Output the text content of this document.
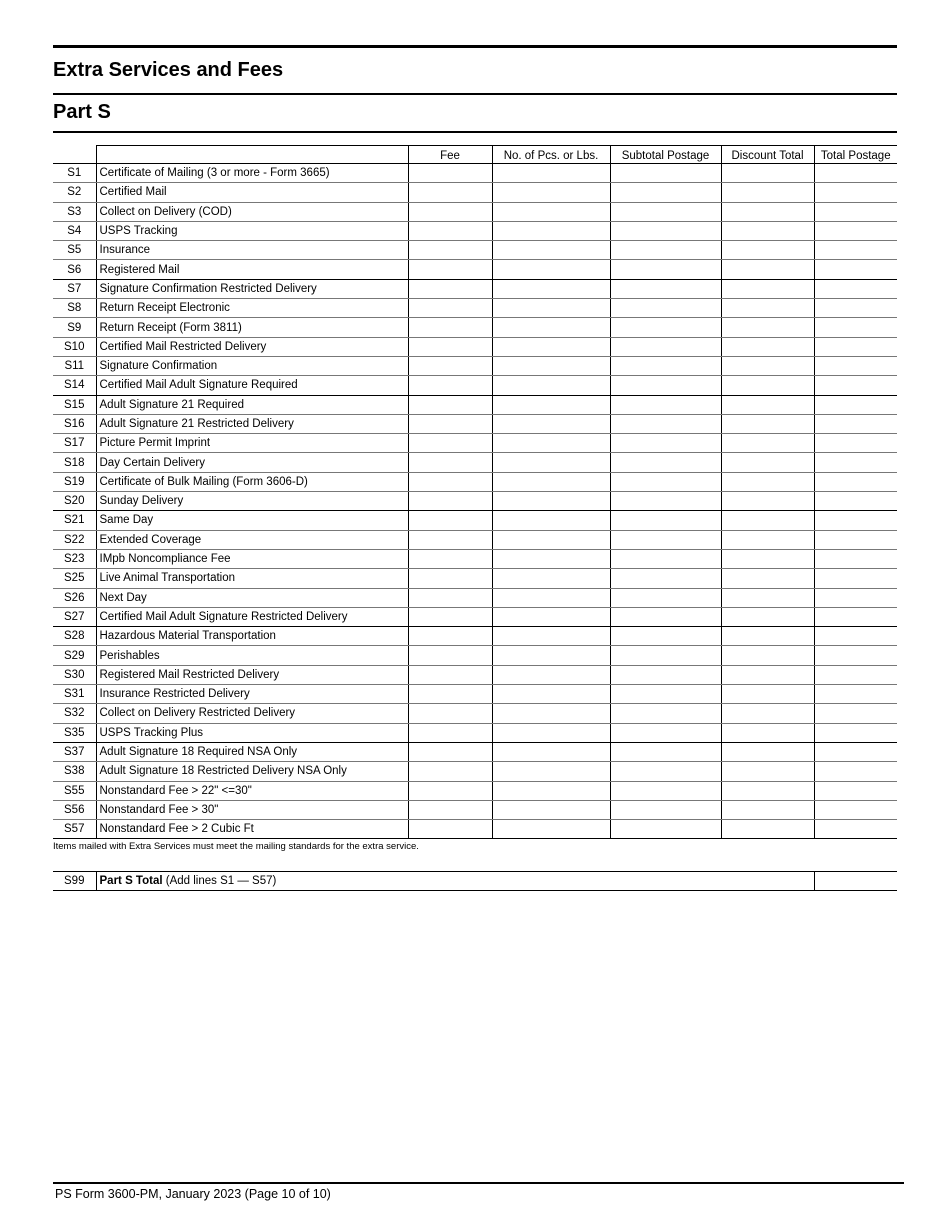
Extra Services and Fees
Part S
		Fee	No. of Pcs. or Lbs.	Subtotal Postage	Discount Total	Total Postage
S1	Certificate of Mailing (3 or more - Form 3665)					
S2	Certified Mail					
S3	Collect on Delivery (COD)					
S4	USPS Tracking					
S5	Insurance					
S6	Registered Mail					
S7	Signature Confirmation Restricted Delivery					
S8	Return Receipt Electronic					
S9	Return Receipt (Form 3811)					
S10	Certified Mail Restricted Delivery					
S11	Signature Confirmation					
S14	Certified Mail Adult Signature Required					
S15	Adult Signature 21 Required					
S16	Adult Signature 21 Restricted Delivery					
S17	Picture Permit Imprint					
S18	Day Certain Delivery					
S19	Certificate of Bulk Mailing (Form 3606-D)					
S20	Sunday Delivery					
S21	Same Day					
S22	Extended Coverage					
S23	IMpb Noncompliance Fee					
S25	Live Animal Transportation					
S26	Next Day					
S27	Certified Mail Adult Signature Restricted Delivery					
S28	Hazardous Material Transportation					
S29	Perishables					
S30	Registered Mail Restricted Delivery					
S31	Insurance Restricted Delivery					
S32	Collect on Delivery Restricted Delivery					
S35	USPS Tracking Plus					
S37	Adult Signature 18 Required NSA Only					
S38	Adult Signature 18 Restricted Delivery NSA Only					
S55	Nonstandard Fee > 22" <=30"					
S56	Nonstandard Fee > 30"					
S57	Nonstandard Fee > 2 Cubic Ft					
Items mailed with Extra Services must meet the mailing standards for the extra service.
S99	Part S Total (Add lines S1 — S57)	
PS Form 3600-PM, January 2023 (Page 10 of 10)
